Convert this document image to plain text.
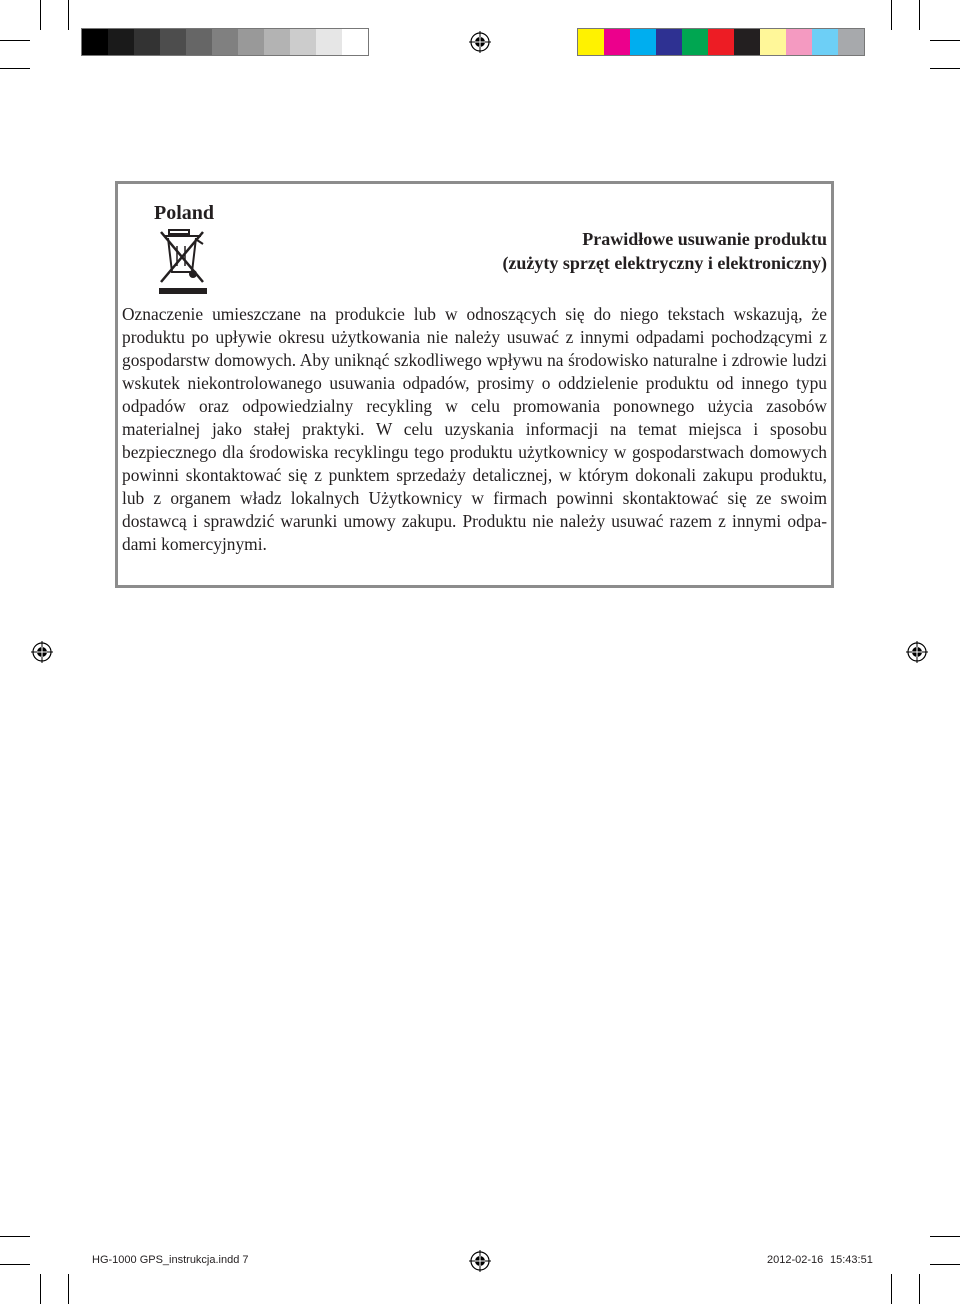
Poland
Prawidłowe usuwanie produktu
(zużyty sprzęt elektryczny i elektroniczny)
Oznaczenie umieszczane na produkcie lub w odnoszących się do niego tekstach wskazują, że produktu po upływie okresu użytkowania nie należy usuwać z innymi odpadami pochodzącymi z gospodarstw domowych. Aby uniknąć szkodliwego wpływu na środowisko naturalne i zdrowie ludzi wskutek niekontrolowanego usuwania odpadów, prosimy o oddzielenie produktu od innego typu odpadów oraz odpowiedzialny recykling w celu promowania ponownego użycia zasobów materialnej jako stałej praktyki. W celu uzyskania informacji na temat miejsca i sposobu bezpiecznego dla środowiska recyklingu tego produktu użytkownicy w gospodarstwach domowych powinni skontaktować się z punktem sprzedaży detalicznej, w którym dokonali zakupu produktu, lub z organem władz lokalnych Użytkownicy w firmach powinni skontaktować się ze swoim dostawcą i sprawdzić warunki umowy zakupu. Produktu nie należy usuwać razem z innymi odpadami komercyjnymi.
HG-1000 GPS_instrukcja.indd 7	2012-02-16 15:43:51
